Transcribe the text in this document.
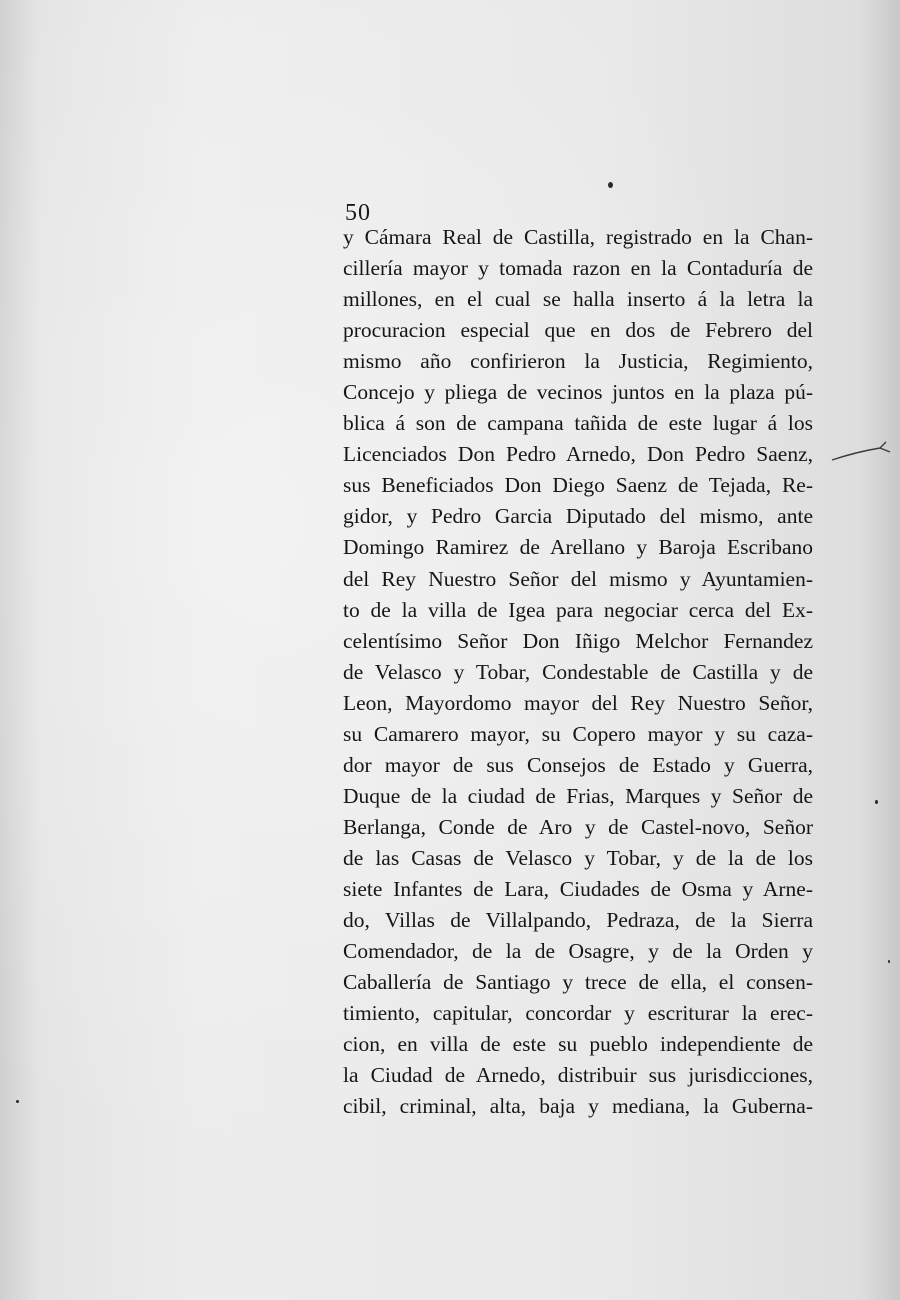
50
y Cámara Real de Castilla, registrado en la Chan-
cillería mayor y tomada razon en la Contaduría de
millones, en el cual se halla inserto á la letra la
procuracion especial que en dos de Febrero del
mismo año confirieron la Justicia, Regimiento,
Concejo y pliega de vecinos juntos en la plaza pú-
blica á son de campana tañida de este lugar á los
Licenciados Don Pedro Arnedo, Don Pedro Saenz,
sus Beneficiados Don Diego Saenz de Tejada, Re-
gidor, y Pedro Garcia Diputado del mismo, ante
Domingo Ramirez de Arellano y Baroja Escribano
del Rey Nuestro Señor del mismo y Ayuntamien-
to de la villa de Igea para negociar cerca del Ex-
celentísimo Señor Don Iñigo Melchor Fernandez
de Velasco y Tobar, Condestable de Castilla y de
Leon, Mayordomo mayor del Rey Nuestro Señor,
su Camarero mayor, su Copero mayor y su caza-
dor mayor de sus Consejos de Estado y Guerra,
Duque de la ciudad de Frias, Marques y Señor de
Berlanga, Conde de Aro y de Castel-novo, Señor
de las Casas de Velasco y Tobar, y de la de los
siete Infantes de Lara, Ciudades de Osma y Arne-
do, Villas de Villalpando, Pedraza, de la Sierra
Comendador, de la de Osagre, y de la Orden y
Caballería de Santiago y trece de ella, el consen-
timiento, capitular, concordar y escriturar la erec-
cion, en villa de este su pueblo independiente de
la Ciudad de Arnedo, distribuir sus jurisdicciones,
cibil, criminal, alta, baja y mediana, la Guberna-
